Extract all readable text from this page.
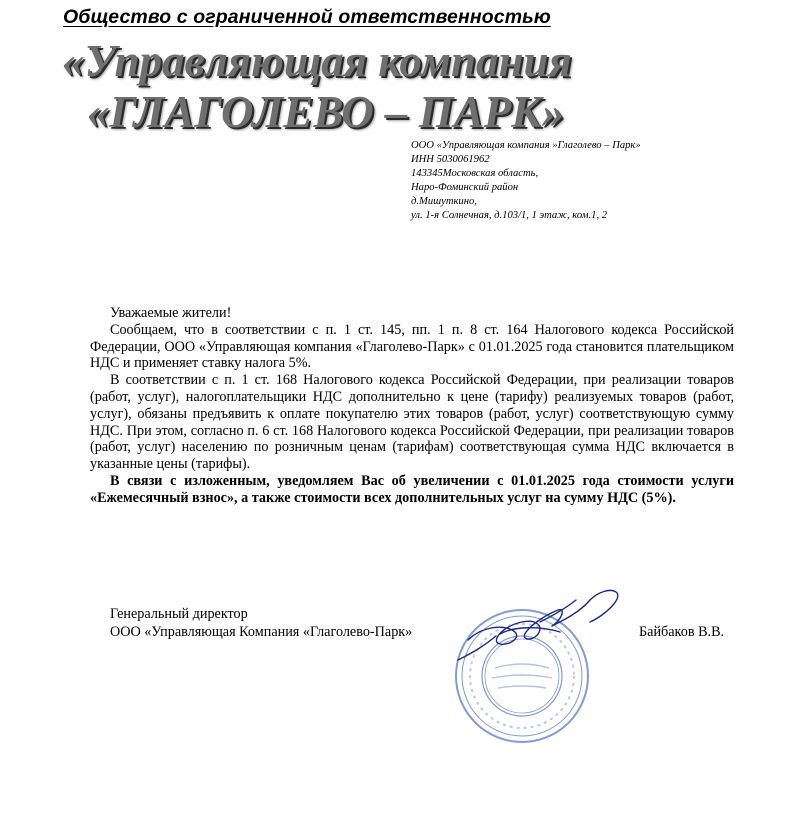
Общество с ограниченной ответственностью
«Управляющая компания
«ГЛАГОЛЕВО – ПАРК»
ООО «Управляющая компания »Глаголево – Парк»
ИНН 5030061962
143345Московская область,
Наро-Фоминский район
д.Мишуткино,
ул. 1-я Солнечная, д.103/1, 1 этаж, ком.1, 2

Уважаемые жители!

Сообщаем, что в соответствии с п. 1 ст. 145, пп. 1 п. 8 ст. 164 Налогового кодекса Российской Федерации, ООО «Управляющая компания «Глаголево-Парк» с 01.01.2025 года становится плательщиком НДС и применяет ставку налога 5%.

В соответствии с п. 1 ст. 168 Налогового кодекса Российской Федерации, при реализации товаров (работ, услуг), налогоплательщики НДС дополнительно к цене (тарифу) реализуемых товаров (работ, услуг), обязаны предъявить к оплате покупателю этих товаров (работ, услуг) соответствующую сумму НДС. При этом, согласно п. 6 ст. 168 Налогового кодекса Российской Федерации, при реализации товаров (работ, услуг) населению по розничным ценам (тарифам) соответствующая сумма НДС включается в указанные цены (тарифы).

В связи с изложенным, уведомляем Вас об увеличении с 01.01.2025 года стоимости услуги «Ежемесячный взнос», а также стоимости всех дополнительных услуг на сумму НДС (5%).

Генеральный директор
ООО «Управляющая Компания «Глаголево-Парк»	Байбаков В.В.
